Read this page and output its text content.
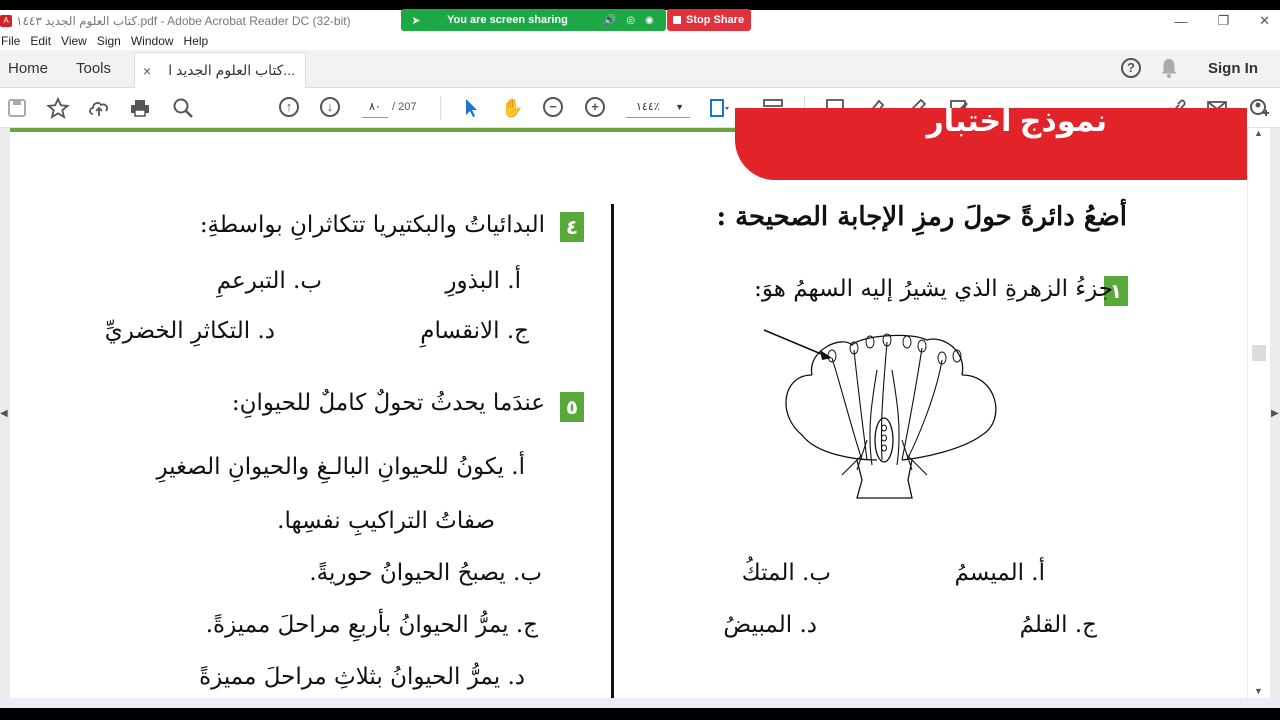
A كتاب العلوم الجديد ١٤٤٣.pdf - Adobe Acrobat Reader DC (32-bit)	— ❐ ✕
➤ You are screen sharing	🔊 ◎ ◉	Stop Share
File Edit View Sign Window Help
Home Tools × كتاب العلوم الجديد ا...	?	Sign In
↑	↓	٨٠	/ 207	✋	−	+	١٤٤٪ ▼	نموذج اختبار
أضعُ دائرةً حولَ رمزِ الإجابة الصحيحة :
١
جزءُ الزهرةِ الذي يشيرُ إليه السهمُ هوَ:
أ. الميسمُ
ب. المتكُ
ج. القلمُ
د. المبيضُ
٤
البدائياتُ والبكتيريا تتكاثرانِ بواسطةِ:
أ. البذورِ
ب. التبرعمِ
ج. الانقسامِ
د. التكاثرِ الخضريِّ
٥
عندَما يحدثُ تحولٌ كاملٌ للحيوانِ:
أ. يكونُ للحيوانِ البالـغِ والحيوانِ الصغيرِ
صفاتُ التراكيبِ نفسِها.
ب. يصبحُ الحيوانُ حوريةً.
ج. يمرُّ الحيوانُ بأربعِ مراحلَ مميزةً.
د. يمرُّ الحيوانُ بثلاثِ مراحلَ مميزةً
▲
▼
◀	▶
